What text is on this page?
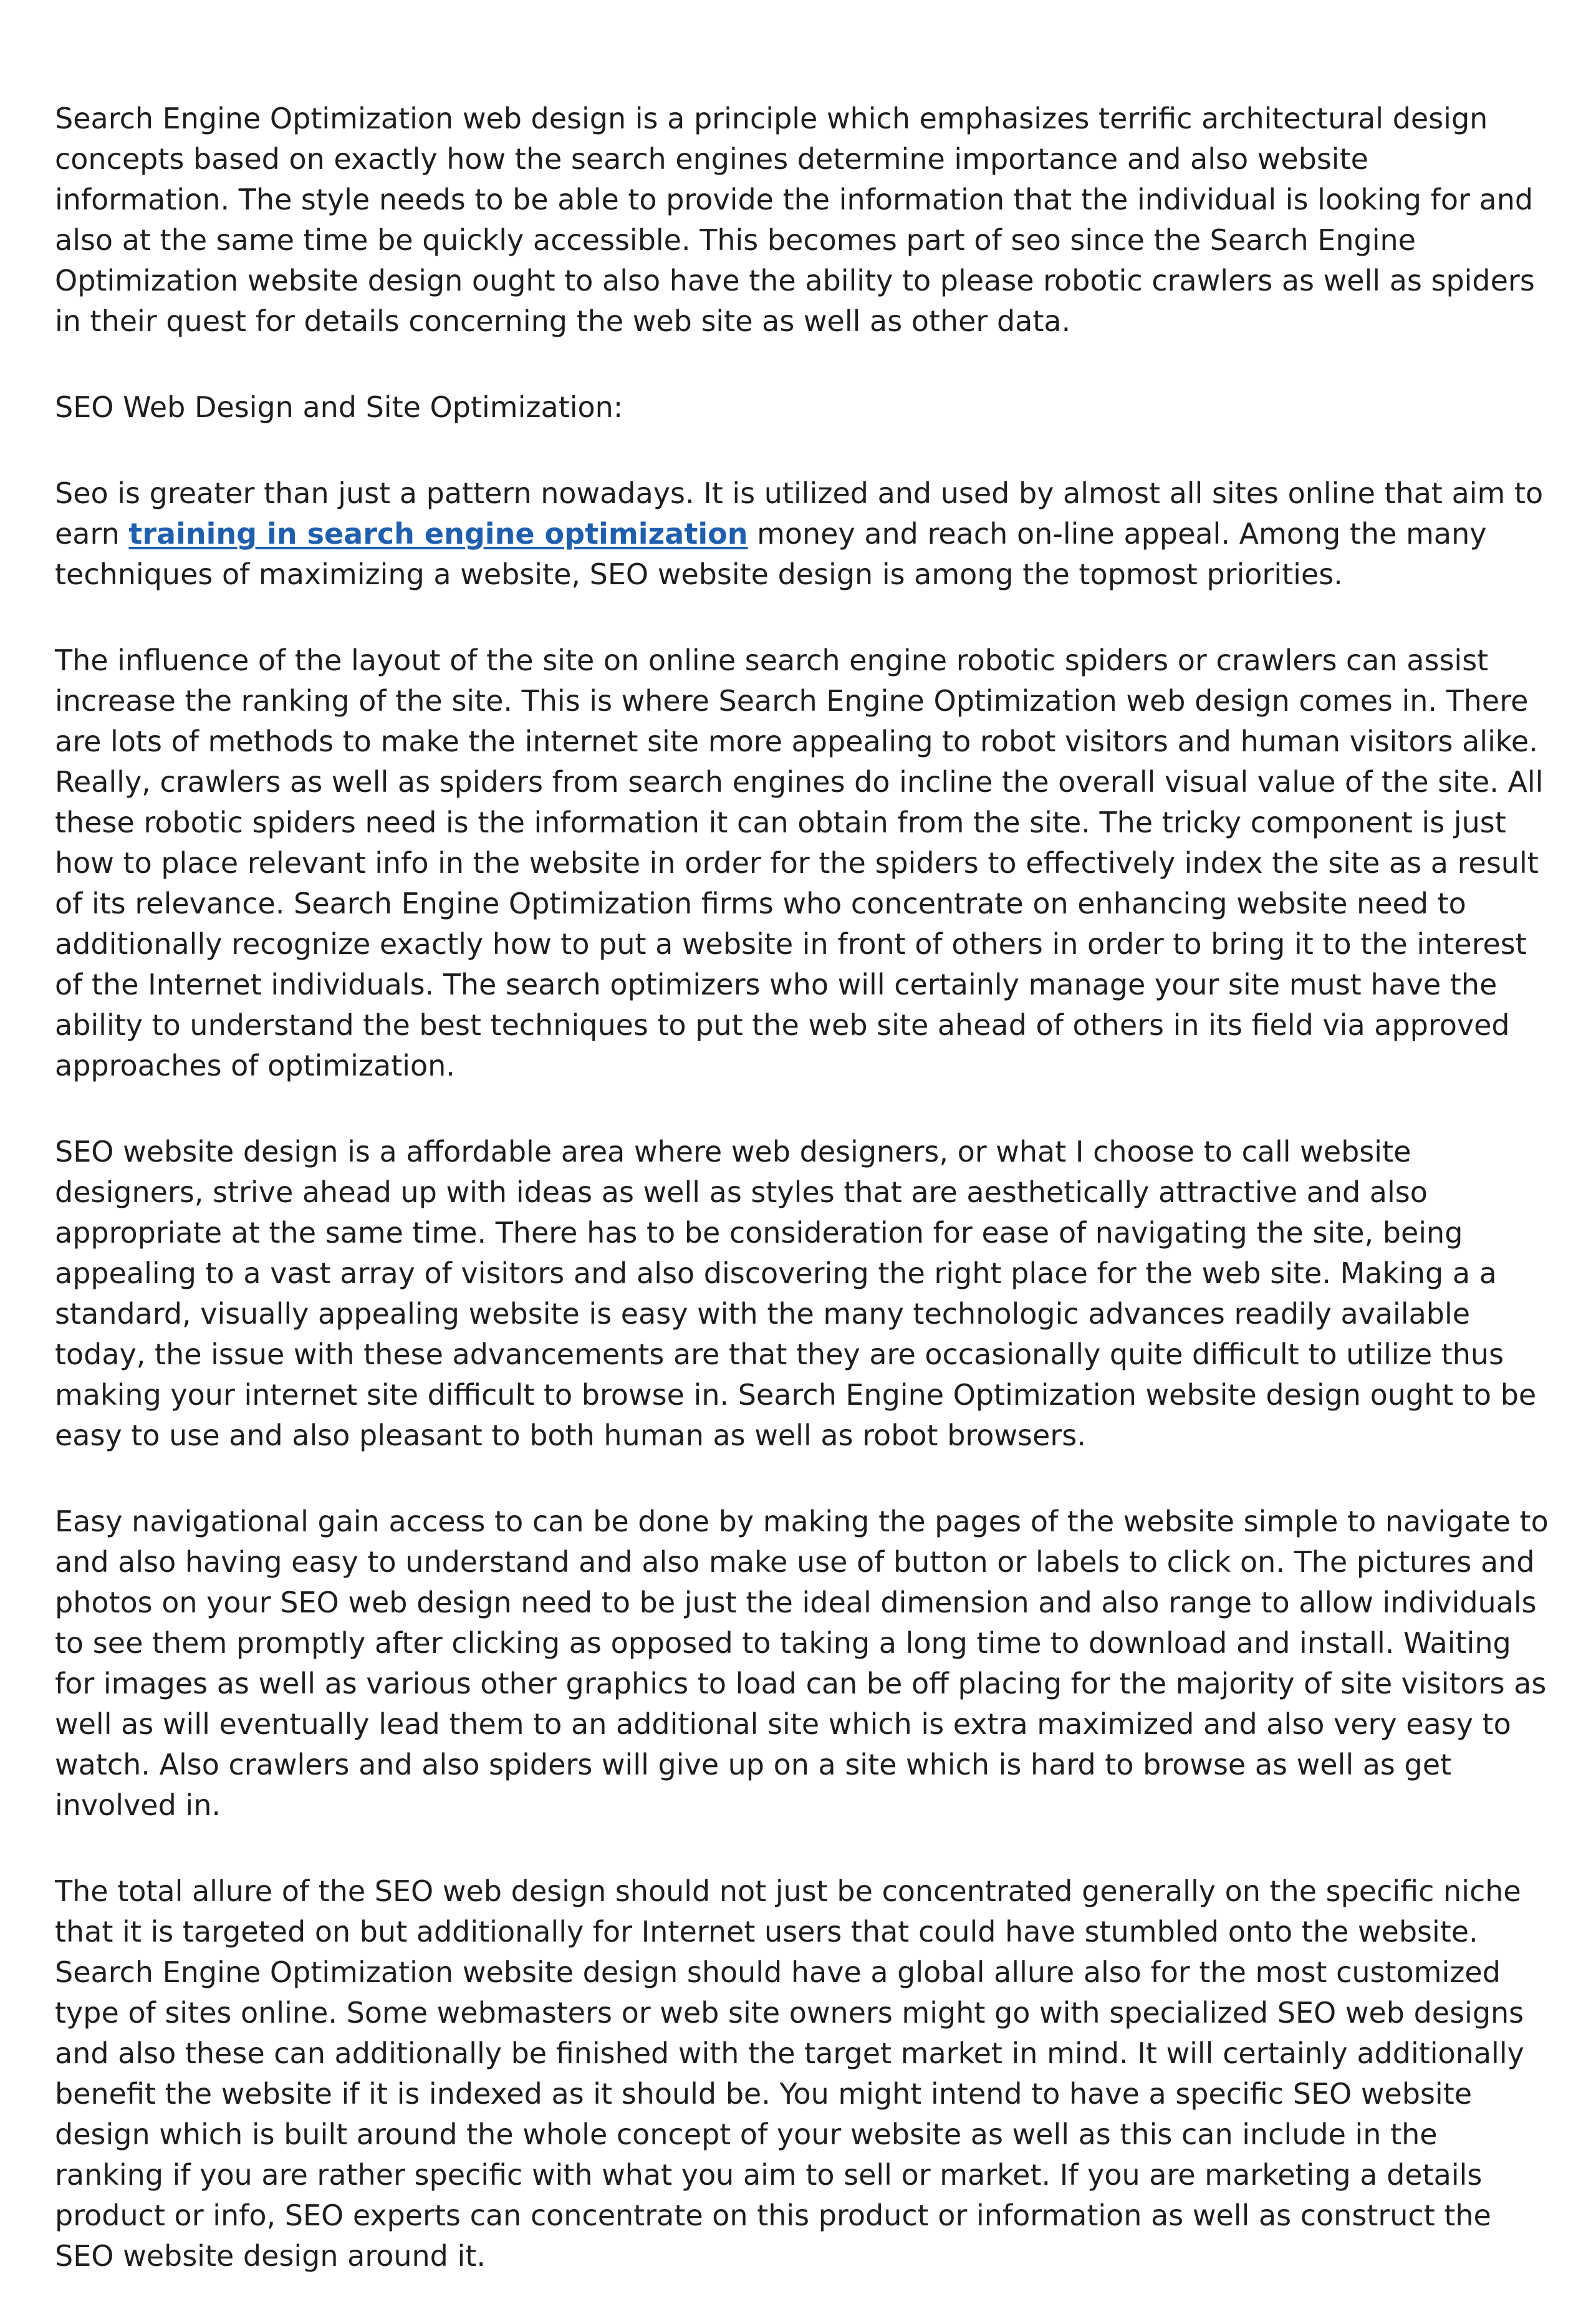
Search Engine Optimization web design is a principle which emphasizes terrific architectural design concepts based on exactly how the search engines determine importance and also website information. The style needs to be able to provide the information that the individual is looking for and also at the same time be quickly accessible. This becomes part of seo since the Search Engine Optimization website design ought to also have the ability to please robotic crawlers as well as spiders in their quest for details concerning the web site as well as other data.

SEO Web Design and Site Optimization:

Seo is greater than just a pattern nowadays. It is utilized and used by almost all sites online that aim to earn training in search engine optimization money and reach on-line appeal. Among the many techniques of maximizing a website, SEO website design is among the topmost priorities.

The influence of the layout of the site on online search engine robotic spiders or crawlers can assist increase the ranking of the site. This is where Search Engine Optimization web design comes in. There are lots of methods to make the internet site more appealing to robot visitors and human visitors alike. Really, crawlers as well as spiders from search engines do incline the overall visual value of the site. All these robotic spiders need is the information it can obtain from the site. The tricky component is just how to place relevant info in the website in order for the spiders to effectively index the site as a result of its relevance. Search Engine Optimization firms who concentrate on enhancing website need to additionally recognize exactly how to put a website in front of others in order to bring it to the interest of the Internet individuals. The search optimizers who will certainly manage your site must have the ability to understand the best techniques to put the web site ahead of others in its field via approved approaches of optimization.

SEO website design is a affordable area where web designers, or what I choose to call website designers, strive ahead up with ideas as well as styles that are aesthetically attractive and also appropriate at the same time. There has to be consideration for ease of navigating the site, being appealing to a vast array of visitors and also discovering the right place for the web site. Making a a standard, visually appealing website is easy with the many technologic advances readily available today, the issue with these advancements are that they are occasionally quite difficult to utilize thus making your internet site difficult to browse in. Search Engine Optimization website design ought to be easy to use and also pleasant to both human as well as robot browsers.

Easy navigational gain access to can be done by making the pages of the website simple to navigate to and also having easy to understand and also make use of button or labels to click on. The pictures and photos on your SEO web design need to be just the ideal dimension and also range to allow individuals to see them promptly after clicking as opposed to taking a long time to download and install. Waiting for images as well as various other graphics to load can be off placing for the majority of site visitors as well as will eventually lead them to an additional site which is extra maximized and also very easy to watch. Also crawlers and also spiders will give up on a site which is hard to browse as well as get involved in.

The total allure of the SEO web design should not just be concentrated generally on the specific niche that it is targeted on but additionally for Internet users that could have stumbled onto the website. Search Engine Optimization website design should have a global allure also for the most customized type of sites online. Some webmasters or web site owners might go with specialized SEO web designs and also these can additionally be finished with the target market in mind. It will certainly additionally benefit the website if it is indexed as it should be. You might intend to have a specific SEO website design which is built around the whole concept of your website as well as this can include in the ranking if you are rather specific with what you aim to sell or market. If you are marketing a details product or info, SEO experts can concentrate on this product or information as well as construct the SEO website design around it.
